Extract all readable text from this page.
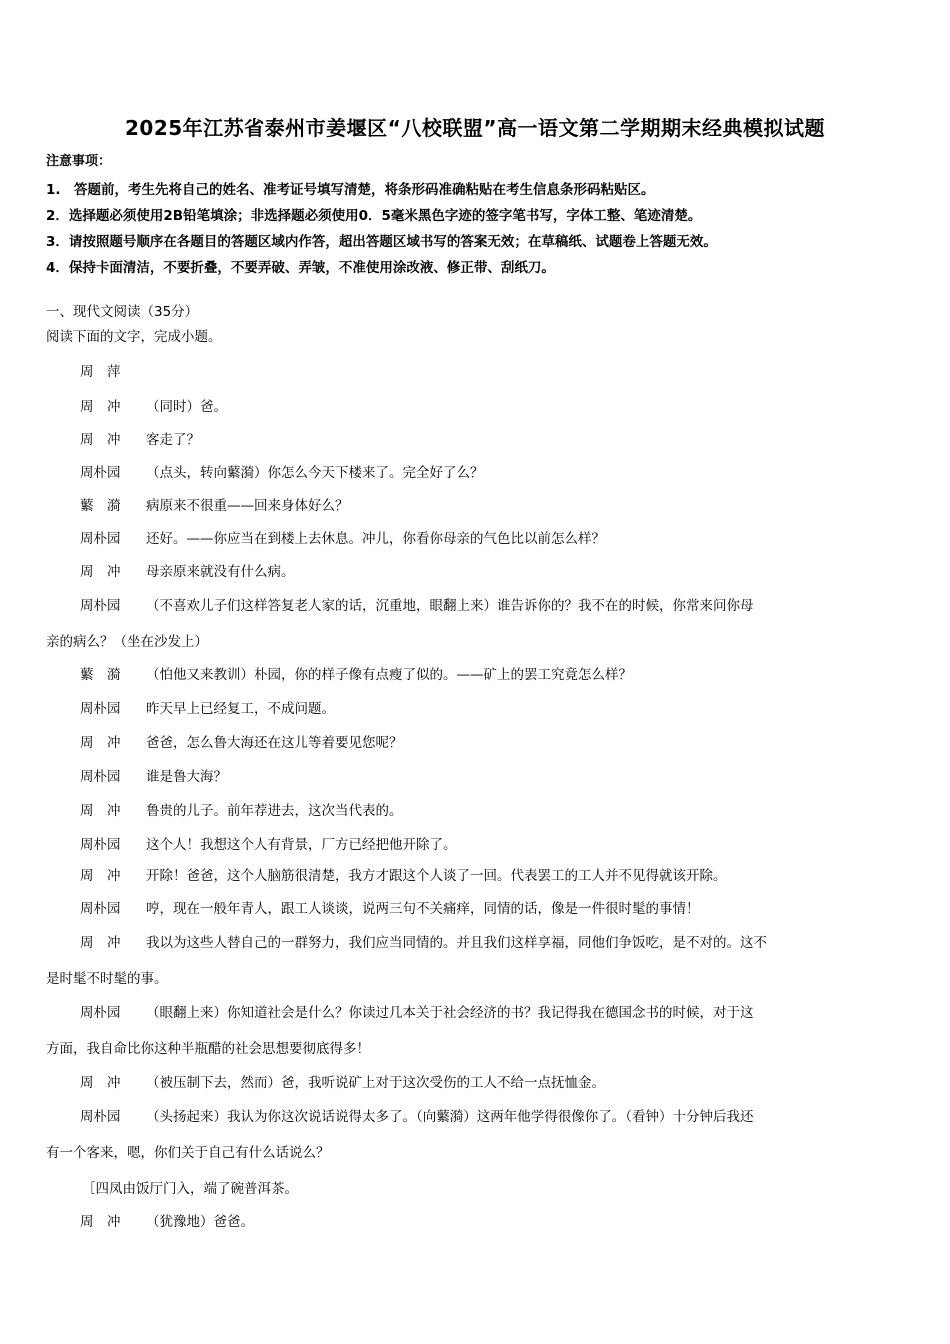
2025年江苏省泰州市姜堰区“八校联盟”高一语文第二学期期末经典模拟试题
注意事项：
1.　答题前，考生先将自己的姓名、准考证号填写清楚，将条形码准确粘贴在考生信息条形码粘贴区。
2．选择题必须使用2B铅笔填涂；非选择题必须使用0．5毫米黑色字迹的签字笔书写，字体工整、笔迹清楚。
3．请按照题号顺序在各题目的答题区域内作答，超出答题区域书写的答案无效；在草稿纸、试题卷上答题无效。
4．保持卡面清洁，不要折叠，不要弄破、弄皱，不准使用涂改液、修正带、刮纸刀。
一、现代文阅读（35分）
阅读下面的文字，完成小题。
周　萍
周　冲 （同时）爸。
周　冲 客走了？
周朴园 （点头，转向蘩漪）你怎么今天下楼来了。完全好了么？
蘩　漪 病原来不很重——回来身体好么？
周朴园 还好。——你应当在到楼上去休息。冲儿，你看你母亲的气色比以前怎么样？
周　冲 母亲原来就没有什么病。
周朴园 （不喜欢儿子们这样答复老人家的话，沉重地，眼翻上来）谁告诉你的？我不在的时候，你常来问你母
亲的病么？（坐在沙发上）
蘩　漪 （怕他又来教训）朴园，你的样子像有点瘦了似的。——矿上的罢工究竟怎么样？
周朴园 昨天早上已经复工，不成问题。
周　冲 爸爸，怎么鲁大海还在这儿等着要见您呢？
周朴园 谁是鲁大海？
周　冲 鲁贵的儿子。前年荐进去，这次当代表的。
周朴园 这个人！我想这个人有背景，厂方已经把他开除了。
周　冲 开除！爸爸，这个人脑筋很清楚，我方才跟这个人谈了一回。代表罢工的工人并不见得就该开除。
周朴园 哼，现在一般年青人，跟工人谈谈，说两三句不关痛痒，同情的话，像是一件很时髦的事情！
周　冲 我以为这些人替自己的一群努力，我们应当同情的。并且我们这样享福，同他们争饭吃，是不对的。这不
是时髦不时髦的事。
周朴园 （眼翻上来）你知道社会是什么？你读过几本关于社会经济的书？我记得我在德国念书的时候，对于这
方面，我自命比你这种半瓶醋的社会思想要彻底得多！
周　冲 （被压制下去，然而）爸，我听说矿上对于这次受伤的工人不给一点抚恤金。
周朴园 （头扬起来）我认为你这次说话说得太多了。（向蘩漪）这两年他学得很像你了。（看钟）十分钟后我还
有一个客来，嗯，你们关于自己有什么话说么？
［四凤由饭厅门入，端了碗普洱茶。
周　冲 （犹豫地）爸爸。
